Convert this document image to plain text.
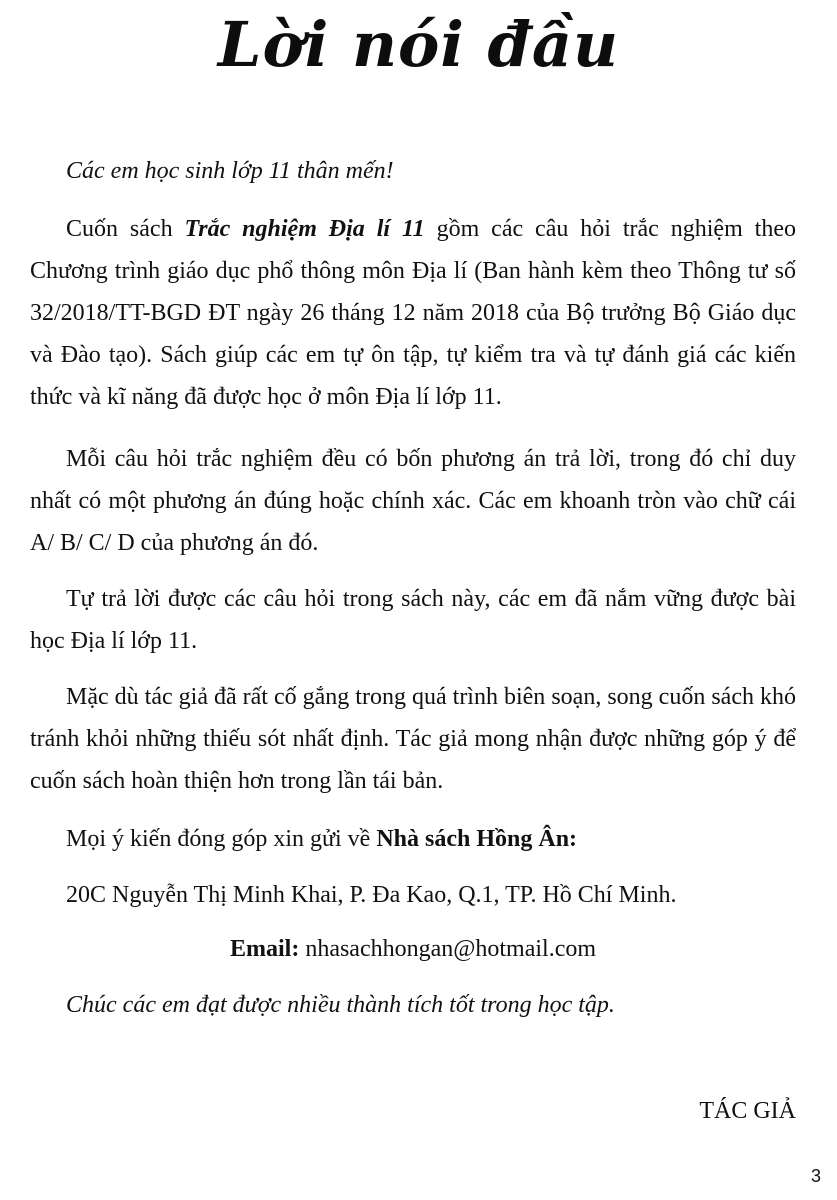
Lời nói đầu

Các em học sinh lớp 11 thân mến!

Cuốn sách Trắc nghiệm Địa lí 11 gồm các câu hỏi trắc nghiệm theo Chương trình giáo dục phổ thông môn Địa lí (Ban hành kèm theo Thông tư số 32/2018/TT-BGD ĐT ngày 26 tháng 12 năm 2018 của Bộ trưởng Bộ Giáo dục và Đào tạo). Sách giúp các em tự ôn tập, tự kiểm tra và tự đánh giá các kiến thức và kĩ năng đã được học ở môn Địa lí lớp 11.

Mỗi câu hỏi trắc nghiệm đều có bốn phương án trả lời, trong đó chỉ duy nhất có một phương án đúng hoặc chính xác. Các em khoanh tròn vào chữ cái A/ B/ C/ D của phương án đó.

Tự trả lời được các câu hỏi trong sách này, các em đã nắm vững được bài học Địa lí lớp 11.

Mặc dù tác giả đã rất cố gắng trong quá trình biên soạn, song cuốn sách khó tránh khỏi những thiếu sót nhất định. Tác giả mong nhận được những góp ý để cuốn sách hoàn thiện hơn trong lần tái bản.

Mọi ý kiến đóng góp xin gửi về Nhà sách Hồng Ân:

20C Nguyễn Thị Minh Khai, P. Đa Kao, Q.1, TP. Hồ Chí Minh.

Email: nhasachhongan@hotmail.com

Chúc các em đạt được nhiều thành tích tốt trong học tập.

TÁC GIẢ

3
